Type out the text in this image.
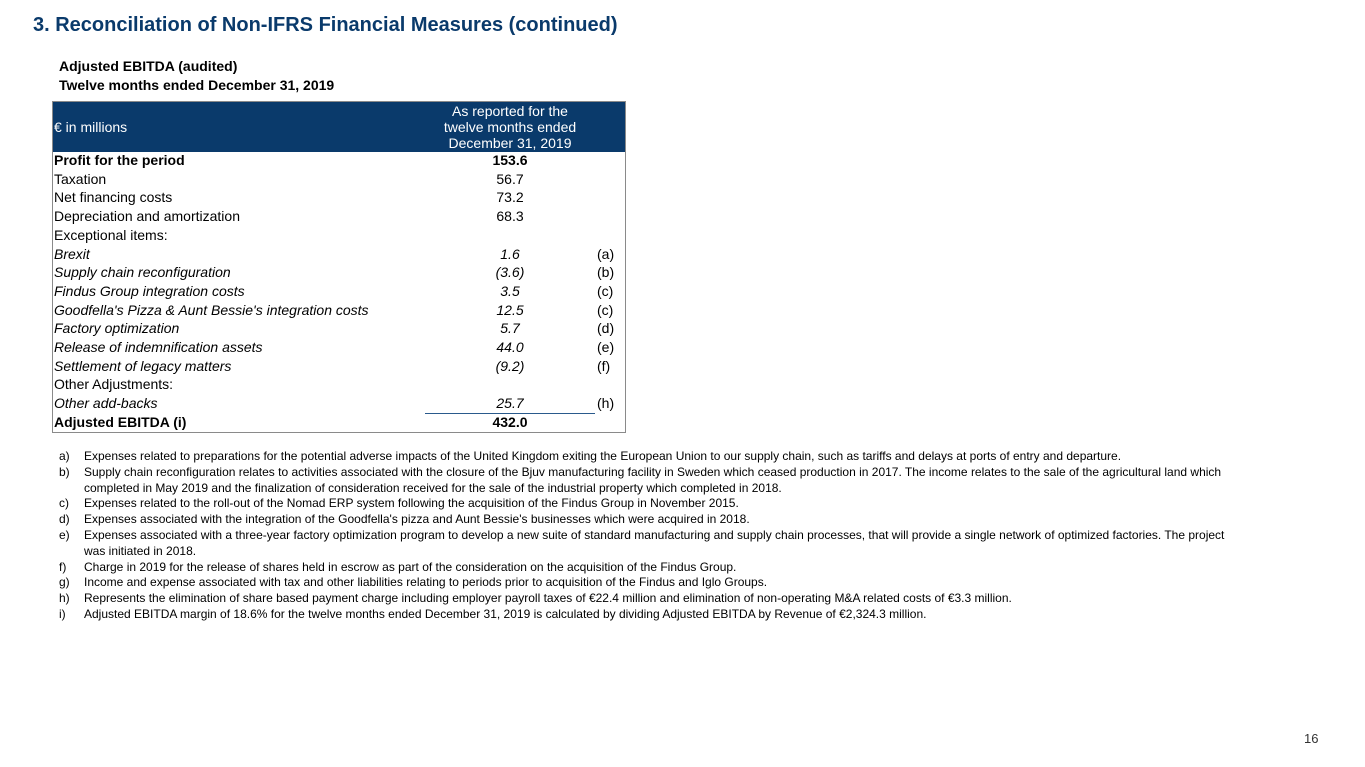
3. Reconciliation of Non-IFRS Financial Measures (continued)
Adjusted EBITDA (audited)
Twelve months ended December 31, 2019
€ in millions
As reported for the
twelve months ended
December 31, 2019
Profit for the period	153.6
Taxation	56.7
Net financing costs	73.2
Depreciation and amortization	68.3
Exceptional items:
Brexit	1.6	(a)
Supply chain reconfiguration	(3.6)	(b)
Findus Group integration costs	3.5	(c)
Goodfella's Pizza & Aunt Bessie's integration costs	12.5	(c)
Factory optimization	5.7	(d)
Release of indemnification assets	44.0	(e)
Settlement of legacy matters	(9.2)	(f)
Other Adjustments:
Other add-backs	25.7	(h)
Adjusted EBITDA (i)	432.0
a) Expenses related to preparations for the potential adverse impacts of the United Kingdom exiting the European Union to our supply chain, such as tariffs and delays at ports of entry and departure.
b) Supply chain reconfiguration relates to activities associated with the closure of the Bjuv manufacturing facility in Sweden which ceased production in 2017. The income relates to the sale of the agricultural land which completed in May 2019 and the finalization of consideration received for the sale of the industrial property which completed in 2018.
c) Expenses related to the roll-out of the Nomad ERP system following the acquisition of the Findus Group in November 2015.
d) Expenses associated with the integration of the Goodfella's pizza and Aunt Bessie's businesses which were acquired in 2018.
e) Expenses associated with a three-year factory optimization program to develop a new suite of standard manufacturing and supply chain processes, that will provide a single network of optimized factories. The project was initiated in 2018.
f) Charge in 2019 for the release of shares held in escrow as part of the consideration on the acquisition of the Findus Group.
g) Income and expense associated with tax and other liabilities relating to periods prior to acquisition of the Findus and Iglo Groups.
h) Represents the elimination of share based payment charge including employer payroll taxes of €22.4 million and elimination of non-operating M&A related costs of €3.3 million.
i) Adjusted EBITDA margin of 18.6% for the twelve months ended December 31, 2019 is calculated by dividing Adjusted EBITDA by Revenue of €2,324.3 million.
16
